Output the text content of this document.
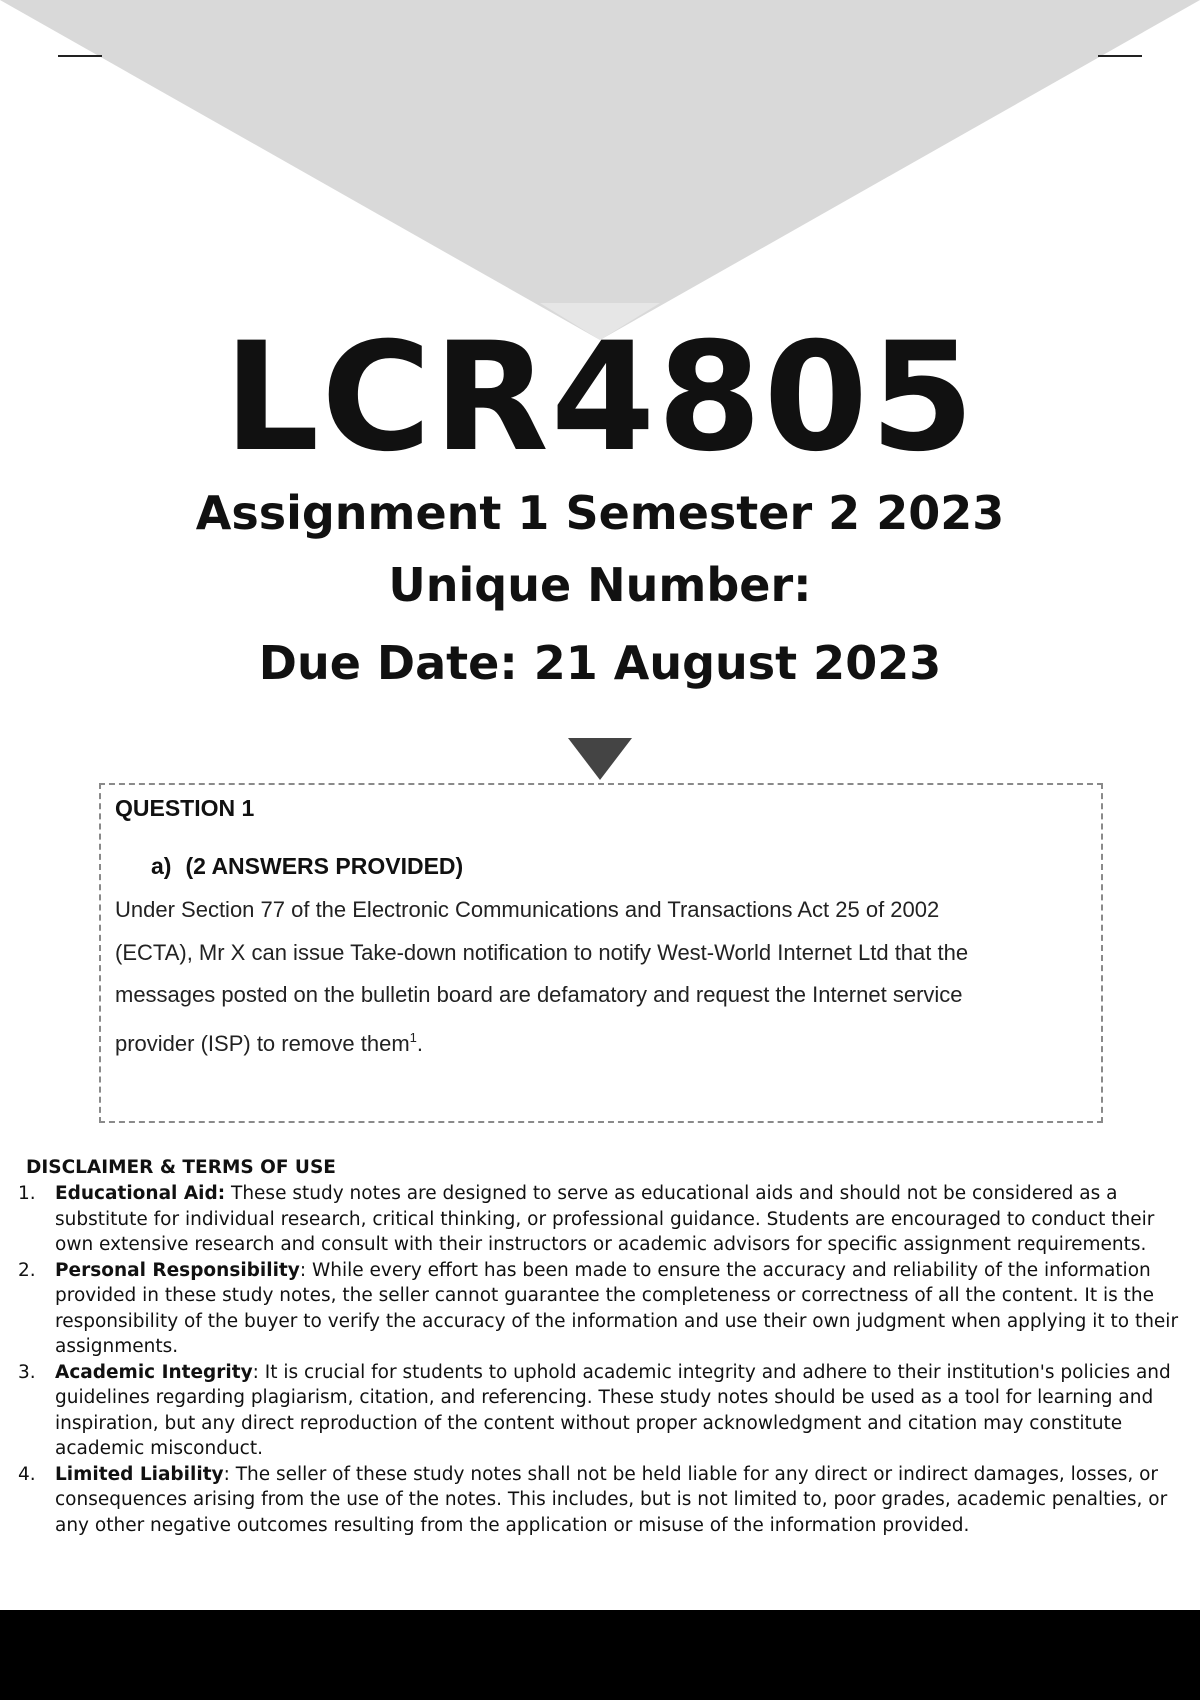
LCR4805
Assignment 1 Semester 2 2023
Unique Number:
Due Date: 21 August 2023
QUESTION 1
a) (2 ANSWERS PROVIDED)
Under Section 77 of the Electronic Communications and Transactions Act 25 of 2002
(ECTA), Mr X can issue Take-down notification to notify West-World Internet Ltd that the
messages posted on the bulletin board are defamatory and request the Internet service
provider (ISP) to remove them$^1$.
DISCLAIMER & TERMS OF USE
1. Educational Aid: These study notes are designed to serve as educational aids and should not be considered as a substitute for individual research, critical thinking, or professional guidance. Students are encouraged to conduct their own extensive research and consult with their instructors or academic advisors for specific assignment requirements.
2. Personal Responsibility: While every effort has been made to ensure the accuracy and reliability of the information provided in these study notes, the seller cannot guarantee the completeness or correctness of all the content. It is the responsibility of the buyer to verify the accuracy of the information and use their own judgment when applying it to their assignments.
3. Academic Integrity: It is crucial for students to uphold academic integrity and adhere to their institution's policies and guidelines regarding plagiarism, citation, and referencing. These study notes should be used as a tool for learning and inspiration, but any direct reproduction of the content without proper acknowledgment and citation may constitute academic misconduct.
4. Limited Liability: The seller of these study notes shall not be held liable for any direct or indirect damages, losses, or consequences arising from the use of the notes. This includes, but is not limited to, poor grades, academic penalties, or any other negative outcomes resulting from the application or misuse of the information provided.
